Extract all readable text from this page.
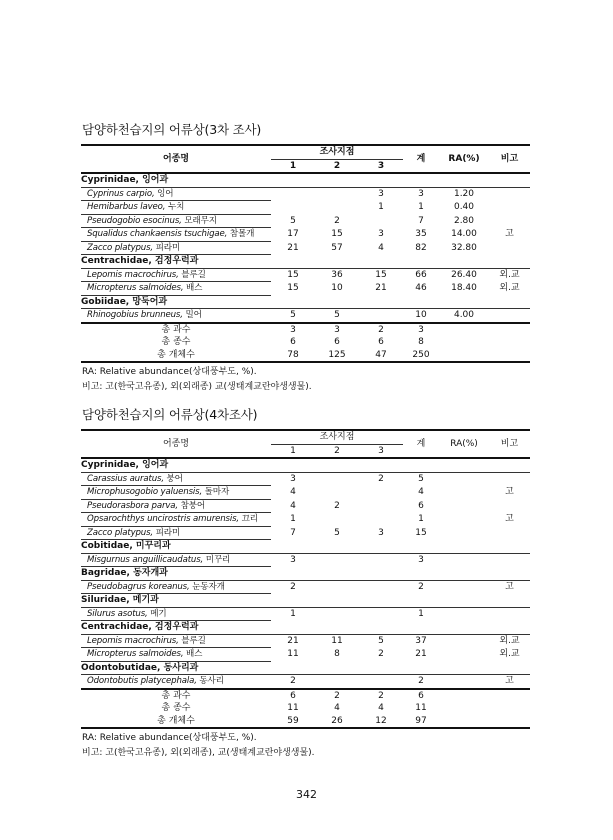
담양하천습지의 어류상(3차 조사)
어종명	조사지점			계	RA(%)	비고
	1	2	3			
Cyprinidae, 잉어과						
Cyprinus carpio, 잉어			3	3	1.20	
Hemibarbus laveo, 누치			1	1	0.40	
Pseudogobio esocinus, 모래무지	5	2		7	2.80	
Squalidus chankaensis tsuchigae, 참몰개	17	15	3	35	14.00	고
Zacco platypus, 피라미	21	57	4	82	32.80	
Centrachidae, 검정우럭과						
Lepomis macrochirus, 블루길	15	36	15	66	26.40	외.교
Micropterus salmoides, 배스	15	10	21	46	18.40	외.교
Gobiidae, 망둑어과						
Rhinogobius brunneus, 밀어	5	5		10	4.00	
총 과수	3	3	2	3		
총 종수	6	6	6	8		
총 개체수	78	125	47	250		
RA: Relative abundance(상대풍부도, %).
비고: 고(한국고유종), 외(외래종) 교(생태계교란야생생물).
담양하천습지의 어류상(4차조사)
어종명	조사지점			계	RA(%)	비고
	1	2	3			
Cyprinidae, 잉어과						
Carassius auratus, 붕어	3		2	5		
Microphusogobio yaluensis, 돌마자	4			4		고
Pseudorasbora parva, 참붕어	4	2		6		
Opsarochthys uncirostris amurensis, 끄리	1			1		고
Zacco platypus, 피라미	7	5	3	15		
Cobitidae, 미꾸리과						
Misgurnus anguillicaudatus, 미꾸리	3			3		
Bagridae, 동자개과						
Pseudobagrus koreanus, 눈동자개	2			2		고
Siluridae, 메기과						
Silurus asotus, 메기	1			1		
Centrachidae, 검정우럭과						
Lepomis macrochirus, 블루길	21	11	5	37		외.교
Micropterus salmoides, 배스	11	8	2	21		외.교
Odontobutidae, 동사리과						
Odontobutis platycephala, 동사리	2			2		고
총 과수	6	2	2	6		
총 종수	11	4	4	11		
총 개체수	59	26	12	97		
RA: Relative abundance(상대풍부도, %).
비고: 고(한국고유종), 외(외래종), 교(생태계교란야생생물).
342
